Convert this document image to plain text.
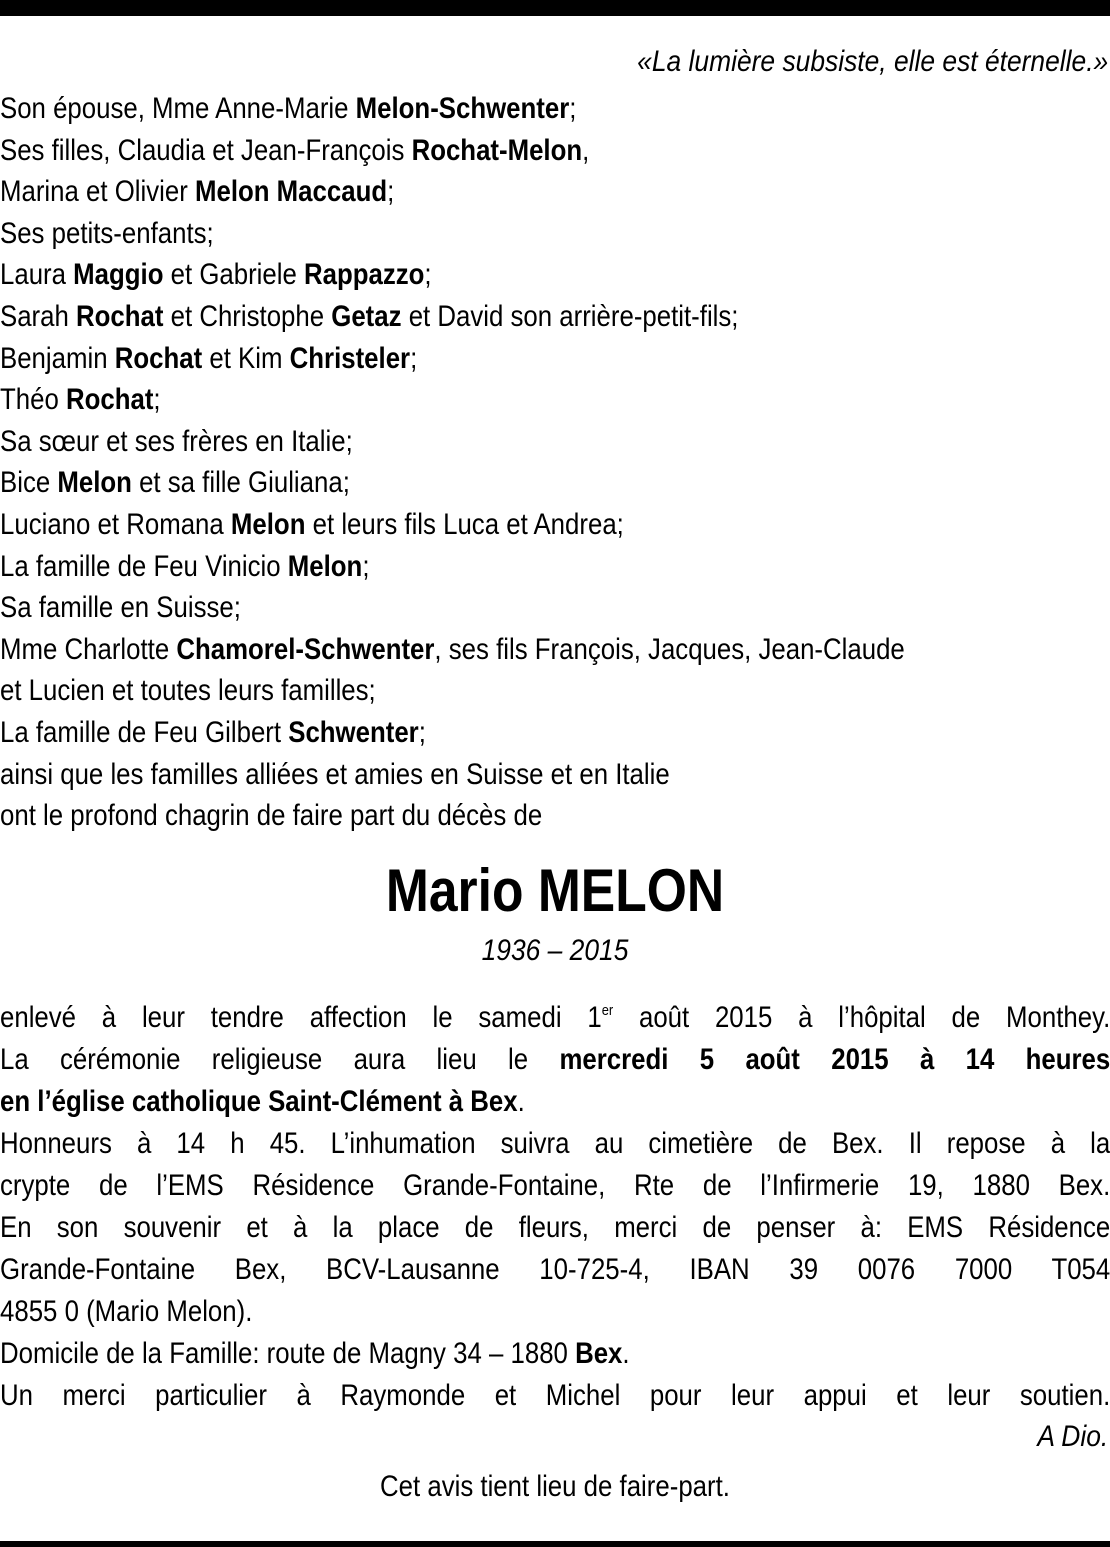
«La lumière subsiste, elle est éternelle.»
Son épouse, Mme Anne-Marie Melon-Schwenter;
Ses filles, Claudia et Jean-François Rochat-Melon,
Marina et Olivier Melon Maccaud;
Ses petits-enfants;
Laura Maggio et Gabriele Rappazzo;
Sarah Rochat et Christophe Getaz et David son arrière-petit-fils;
Benjamin Rochat et Kim Christeler;
Théo Rochat;
Sa sœur et ses frères en Italie;
Bice Melon et sa fille Giuliana;
Luciano et Romana Melon et leurs fils Luca et Andrea;
La famille de Feu Vinicio Melon;
Sa famille en Suisse;
Mme Charlotte Chamorel-Schwenter, ses fils François, Jacques, Jean-Claude
et Lucien et toutes leurs familles;
La famille de Feu Gilbert Schwenter;
ainsi que les familles alliées et amies en Suisse et en Italie
ont le profond chagrin de faire part du décès de
Mario MELON
1936 – 2015
enlevé à leur tendre affection le samedi 1er août 2015 à l’hôpital de Monthey.
La cérémonie religieuse aura lieu le mercredi 5 août 2015 à 14 heures
en l’église catholique Saint-Clément à Bex.
Honneurs à 14 h 45. L’inhumation suivra au cimetière de Bex. Il repose à la
crypte de l’EMS Résidence Grande-Fontaine, Rte de l’Infirmerie 19, 1880 Bex.
En son souvenir et à la place de fleurs, merci de penser à: EMS Résidence
Grande-Fontaine Bex, BCV-Lausanne 10-725-4, IBAN 39 0076 7000 T054
4855 0 (Mario Melon).
Domicile de la Famille: route de Magny 34 – 1880 Bex.
Un merci particulier à Raymonde et Michel pour leur appui et leur soutien.
A Dio.
Cet avis tient lieu de faire-part.
